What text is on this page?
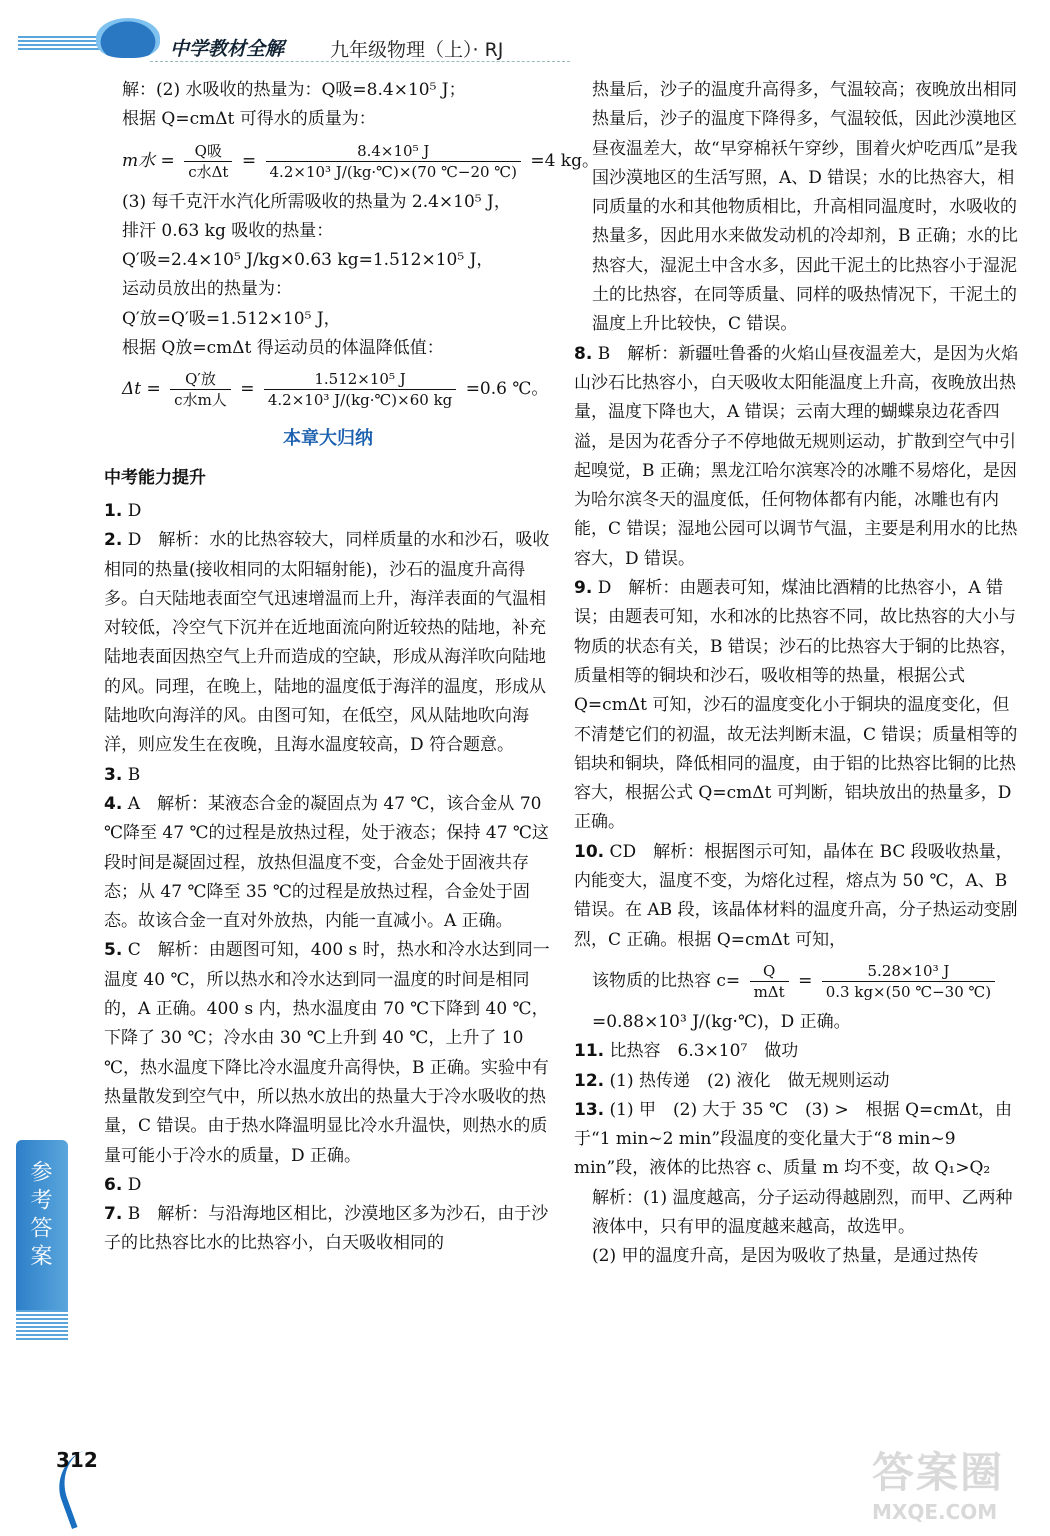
中学教材全解 九年级物理（上）· RJ

解：(2) 水吸收的热量为：Q吸=8.4×10⁵ J；

根据 Q=cmΔt 可得水的质量为：

m水 = $\frac{\text{Q吸}}{\text{c水Δt}} = \frac{\text{8.4×10⁵ J}}{\text{4.2×10³ J/(kg·℃)×(70 ℃−20 ℃)}} =4$ kg。

(3) 每千克汗水汽化所需吸收的热量为 2.4×10⁵ J，

排汗 0.63 kg 吸收的热量：

Q′吸=2.4×10⁵ J/kg×0.63 kg=1.512×10⁵ J，

运动员放出的热量为：

Q′放=Q′吸=1.512×10⁵ J，

根据 Q放=cmΔt 得运动员的体温降低值：

$\Delta t = \frac{\text{Q′放}}{\text{c水m人}} = \frac{\text{1.512×10⁵ J}}{\text{4.2×10³ J/(kg·℃)×60 kg}} =0.6$ ℃。
本章大归纳
中考能力提升

1. D

2. D　解析：水的比热容较大，同样质量的水和沙石，吸收相同的热量(接收相同的太阳辐射能)，沙石的温度升高得多。白天陆地表面空气迅速增温而上升，海洋表面的气温相对较低，冷空气下沉并在近地面流向附近较热的陆地，补充陆地表面因热空气上升而造成的空缺，形成从海洋吹向陆地的风。同理，在晚上，陆地的温度低于海洋的温度，形成从陆地吹向海洋的风。由图可知，在低空，风从陆地吹向海洋，则应发生在夜晚，且海水温度较高，D 符合题意。

3. B

4. A　解析：某液态合金的凝固点为 47 ℃，该合金从 70 ℃降至 47 ℃的过程是放热过程，处于液态；保持 47 ℃这段时间是凝固过程，放热但温度不变，合金处于固液共存态；从 47 ℃降至 35 ℃的过程是放热过程，合金处于固态。故该合金一直对外放热，内能一直减小。A 正确。

5. C　解析：由题图可知，400 s 时，热水和冷水达到同一温度 40 ℃，所以热水和冷水达到同一温度的时间是相同的，A 正确。400 s 内，热水温度由 70 ℃下降到 40 ℃，下降了 30 ℃；冷水由 30 ℃上升到 40 ℃，上升了 10 ℃，热水温度下降比冷水温度升高得快，B 正确。实验中有热量散发到空气中，所以热水放出的热量大于冷水吸收的热量，C 错误。由于热水降温明显比冷水升温快，则热水的质量可能小于冷水的质量，D 正确。

6. D

7. B　解析：与沿海地区相比，沙漠地区多为沙石，由于沙子的比热容比水的比热容小，白天吸收相同的

热量后，沙子的温度升高得多，气温较高；夜晚放出相同热量后，沙子的温度下降得多，气温较低，因此沙漠地区昼夜温差大，故“早穿棉袄午穿纱，围着火炉吃西瓜”是我国沙漠地区的生活写照，A、D 错误；水的比热容大，相同质量的水和其他物质相比，升高相同温度时，水吸收的热量多，因此用水来做发动机的冷却剂，B 正确；水的比热容大，湿泥土中含水多，因此干泥土的比热容小于湿泥土的比热容，在同等质量、同样的吸热情况下，干泥土的温度上升比较快，C 错误。

8. B　解析：新疆吐鲁番的火焰山昼夜温差大，是因为火焰山沙石比热容小，白天吸收太阳能温度上升高，夜晚放出热量，温度下降也大，A 错误；云南大理的蝴蝶泉边花香四溢，是因为花香分子不停地做无规则运动，扩散到空气中引起嗅觉，B 正确；黑龙江哈尔滨寒冷的冰雕不易熔化，是因为哈尔滨冬天的温度低，任何物体都有内能，冰雕也有内能，C 错误；湿地公园可以调节气温，主要是利用水的比热容大，D 错误。

9. D　解析：由题表可知，煤油比酒精的比热容小，A 错误；由题表可知，水和冰的比热容不同，故比热容的大小与物质的状态有关，B 错误；沙石的比热容大于铜的比热容，质量相等的铜块和沙石，吸收相等的热量，根据公式 Q=cmΔt 可知，沙石的温度变化小于铜块的温度变化，但不清楚它们的初温，故无法判断末温，C 错误；质量相等的铝块和铜块，降低相同的温度，由于铝的比热容比铜的比热容大，根据公式 Q=cmΔt 可判断，铝块放出的热量多，D 正确。

10. CD　解析：根据图示可知，晶体在 BC 段吸收热量，内能变大，温度不变，为熔化过程，熔点为 50 ℃，A、B 错误。在 AB 段，该晶体材料的温度升高，分子热运动变剧烈，C 正确。根据 Q=cmΔt 可知，

该物质的比热容 $c= \frac{Q}{\text{mΔt}} = \frac{\text{5.28×10³ J}}{0.3 kg\times(50 ℃-30 ℃)}$

=0.88×10³ J/(kg·℃)，D 正确。

11. 比热容　6.3×10⁷　做功

12. (1) 热传递　(2) 液化　做无规则运动

13. (1) 甲　(2) 大于 35 ℃　(3) >　根据 Q=cmΔt，由于“1 min~2 min”段温度的变化量大于“8 min~9 min”段，液体的比热容 c、质量 m 均不变，故 Q₁>Q₂

解析：(1) 温度越高，分子运动得越剧烈，而甲、乙两种液体中，只有甲的温度越来越高，故选甲。

(2) 甲的温度升高，是因为吸收了热量，是通过热传

参考答案
312	答案圈
MXQE.COM
